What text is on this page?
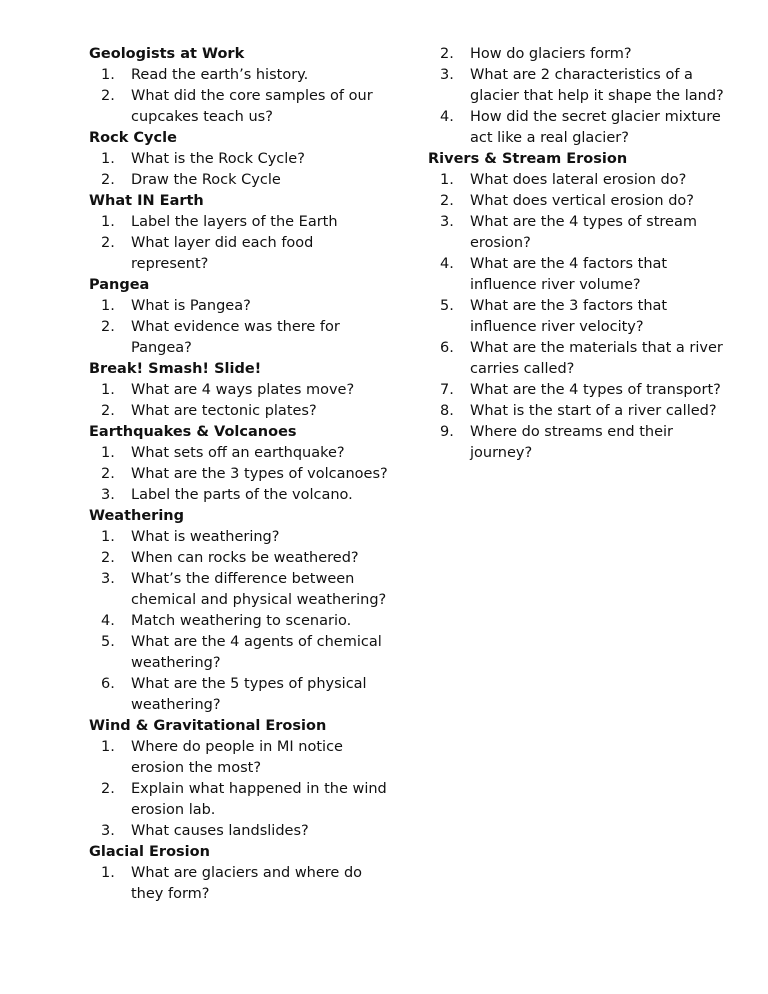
Geologists at Work
1.	Read the earth’s history.
2.	What did the core samples of our cupcakes teach us?
Rock Cycle
1.	What is the Rock Cycle?
2.	Draw the Rock Cycle
What IN Earth
1.	Label the layers of the Earth
2.	What layer did each food represent?
Pangea
1.	What is Pangea?
2.	What evidence was there for Pangea?
Break! Smash! Slide!
1.	What are 4 ways plates move?
2.	What are tectonic plates?
Earthquakes & Volcanoes
1.	What sets off an earthquake?
2.	What are the 3 types of volcanoes?
3.	Label the parts of the volcano.
Weathering
1.	What is weathering?
2.	When can rocks be weathered?
3.	What’s the difference between chemical and physical weathering?
4.	Match weathering to scenario.
5.	What are the 4 agents of chemical weathering?
6.	What are the 5 types of physical weathering?
Wind & Gravitational Erosion
1.	Where do people in MI notice erosion the most?
2.	Explain what happened in the wind erosion lab.
3.	What causes landslides?
Glacial Erosion
1.	What are glaciers and where do they form?
2.	How do glaciers form?
3.	What are 2 characteristics of a glacier that help it shape the land?
4.	How did the secret glacier mixture act like a real glacier?
Rivers & Stream Erosion
1.	What does lateral erosion do?
2.	What does vertical erosion do?
3.	What are the 4 types of stream erosion?
4.	What are the 4 factors that influence river volume?
5.	What are the 3 factors that influence river velocity?
6.	What are the materials that a river carries called?
7.	What are the 4 types of transport?
8.	What is the start of a river called?
9.	Where do streams end their journey?
